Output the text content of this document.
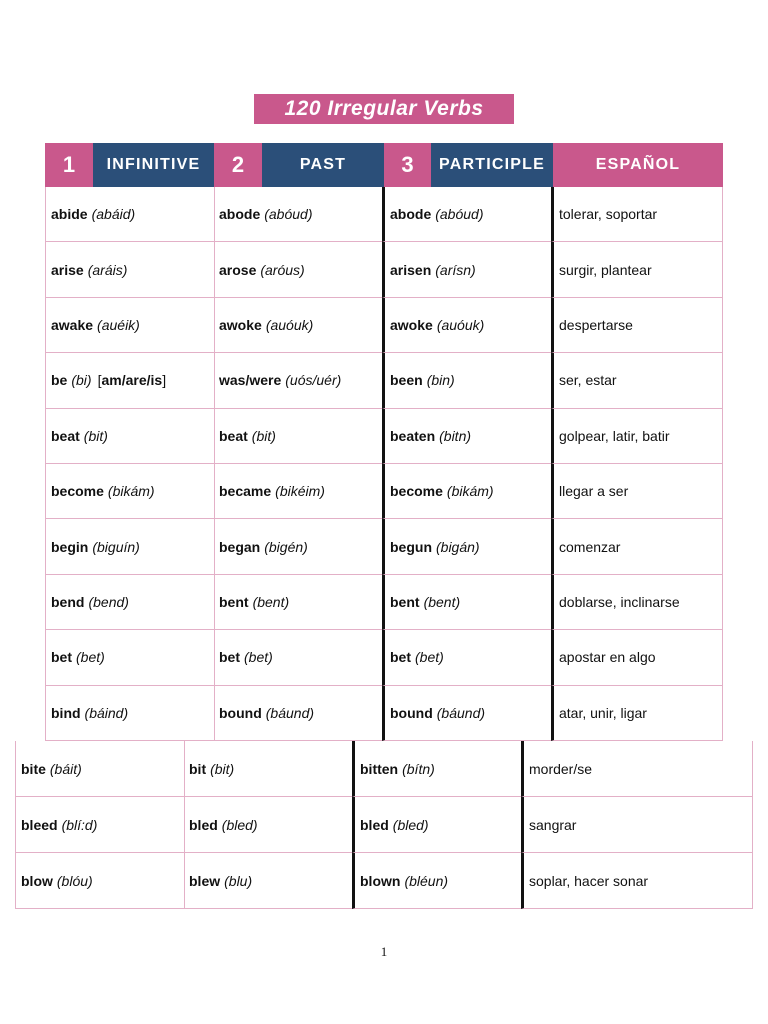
120 Irregular Verbs
1	INFINITIVE	2	PAST	3	PARTICIPLE	ESPAÑOL
abide (abáid)	abode (abóud)	abode (abóud)	tolerar, soportar
arise (aráis)	arose (aróus)	arisen (arísn)	surgir, plantear
awake (auéik)	awoke (auóuk)	awoke (auóuk)	despertarse
be (bi) [am/are/is]	was/were (uós/uér)	been (bin)	ser, estar
beat (bit)	beat (bit)	beaten (bitn)	golpear, latir, batir
become (bikám)	became (bikéim)	become (bikám)	llegar a ser
begin (biguín)	began (bigén)	begun (bigán)	comenzar
bend (bend)	bent (bent)	bent (bent)	doblarse, inclinarse
bet (bet)	bet (bet)	bet (bet)	apostar en algo
bind (báind)	bound (báund)	bound (báund)	atar, unir, ligar
bite (báit)	bit (bit)	bitten (bítn)	morder/se
bleed (blí:d)	bled (bled)	bled (bled)	sangrar
blow (blóu)	blew (blu)	blown (bléun)	soplar, hacer sonar
1
